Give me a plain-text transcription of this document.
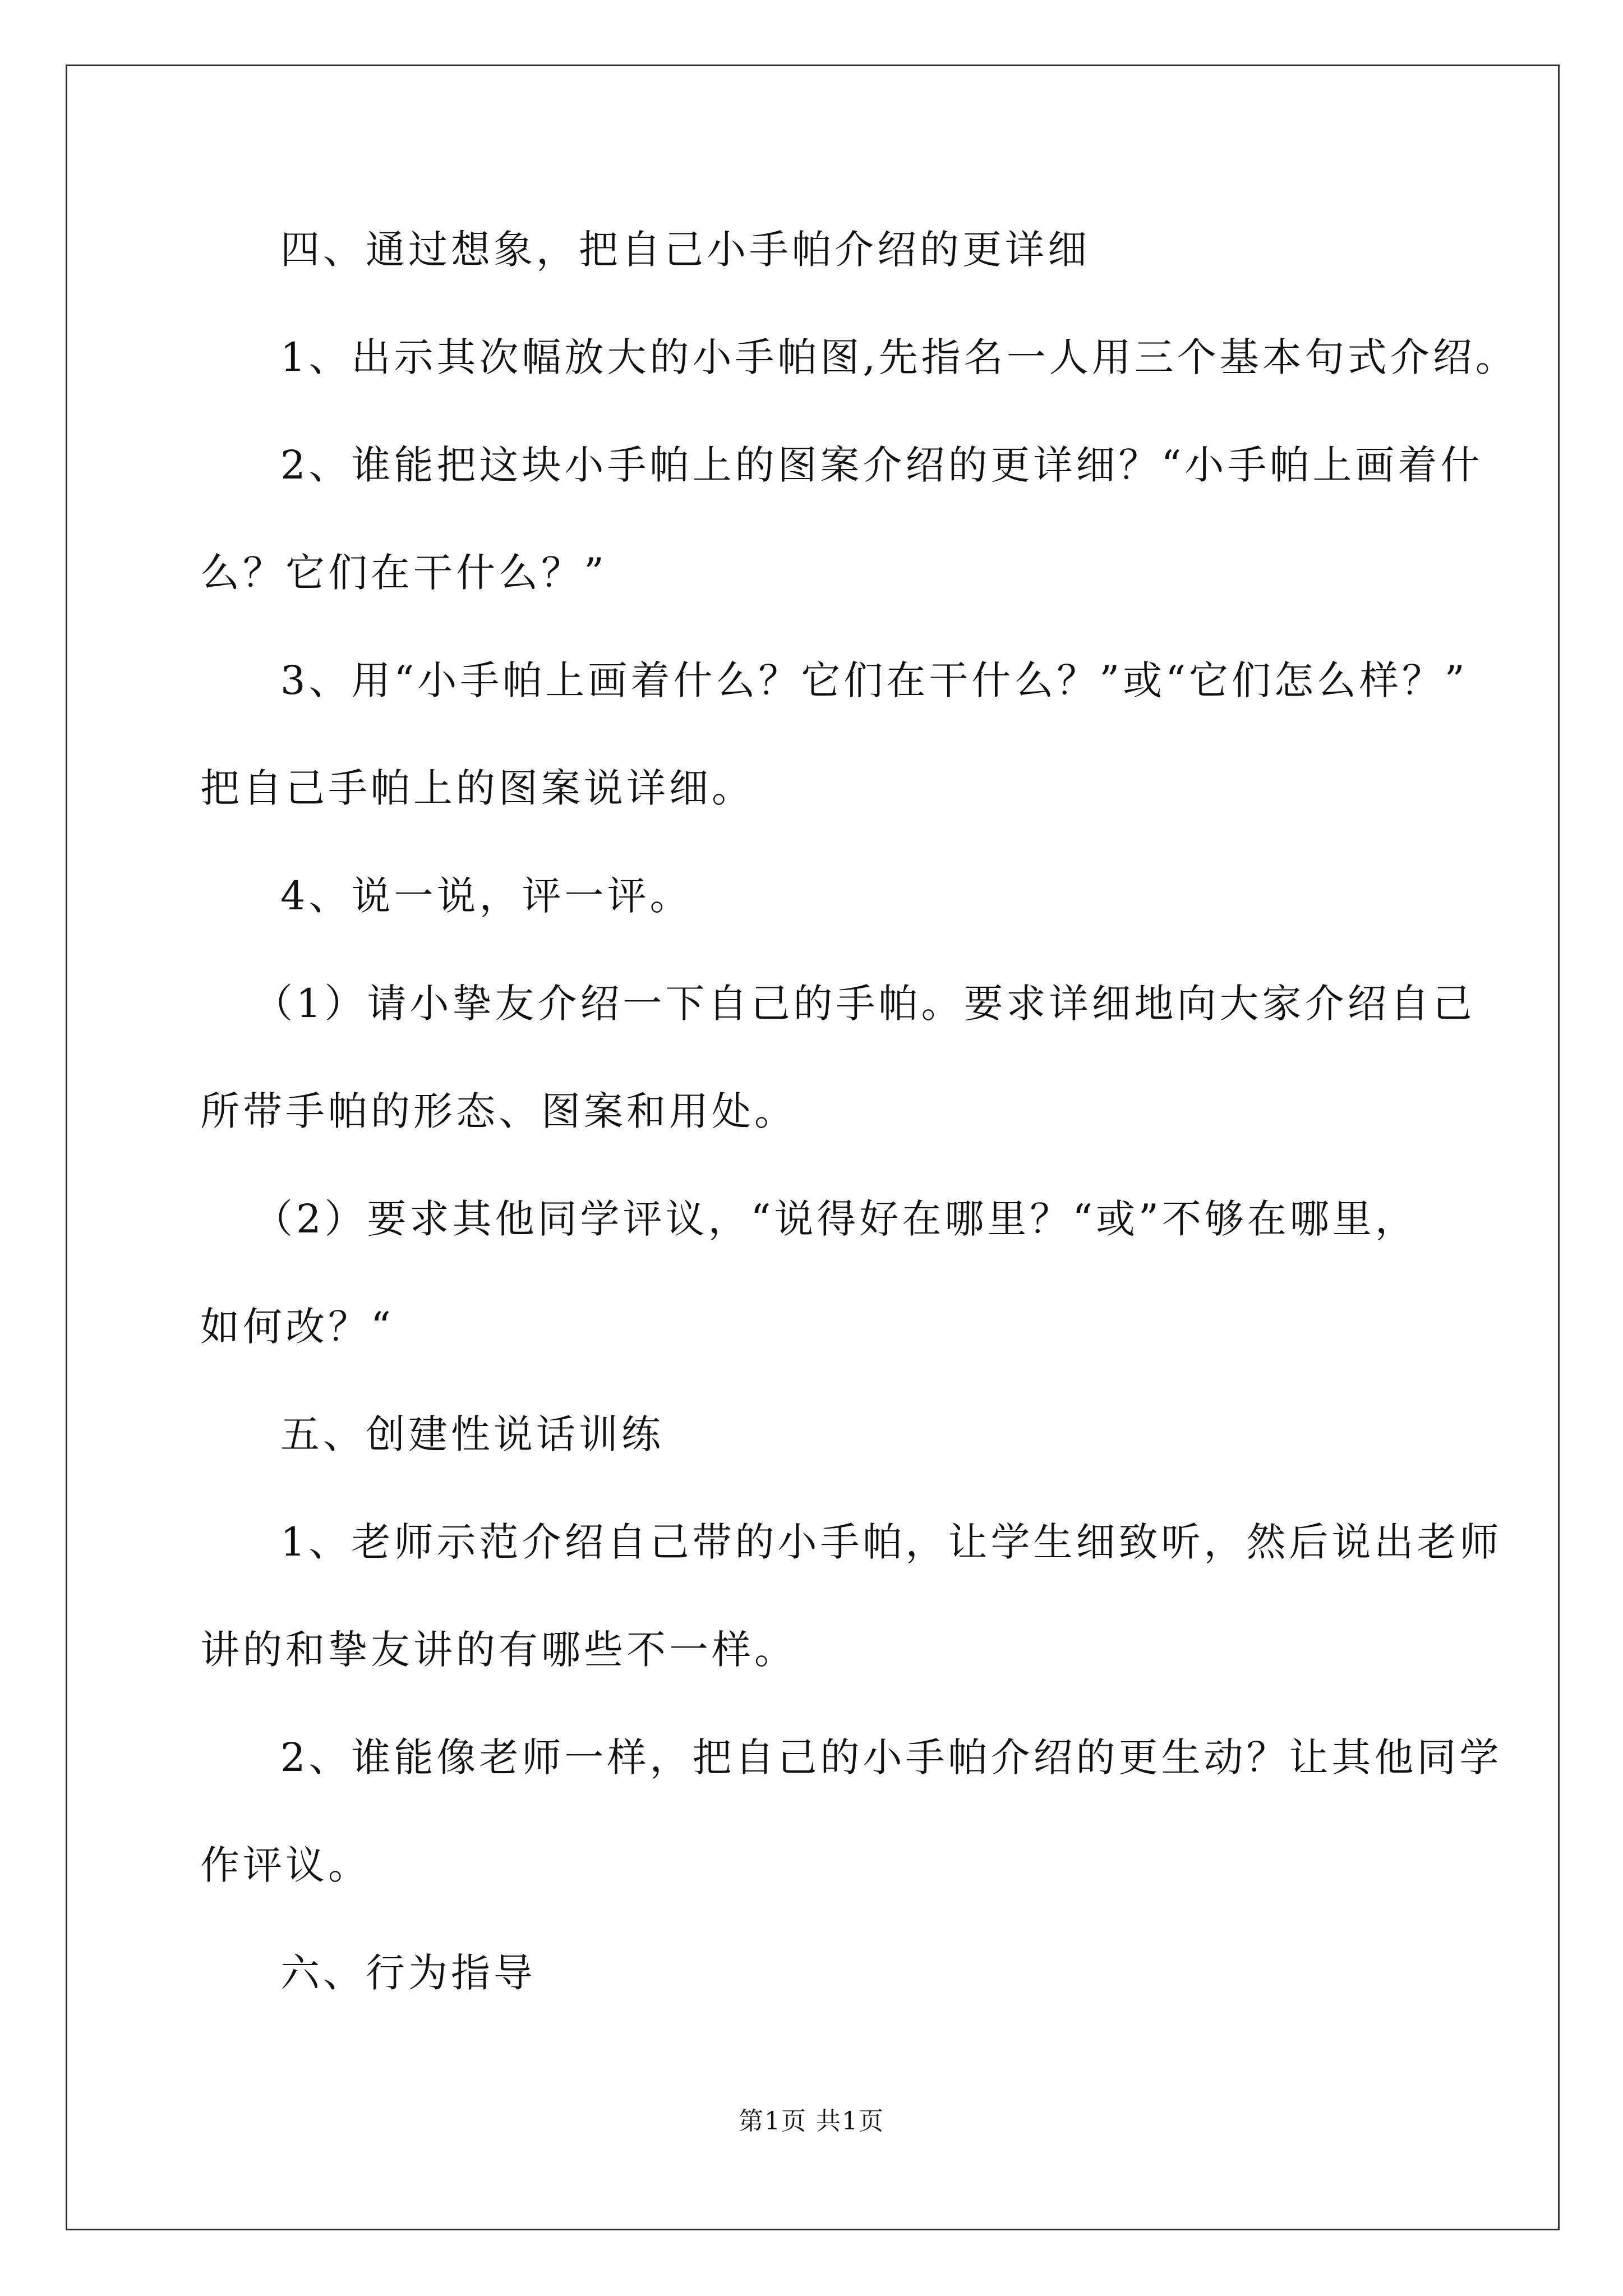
四、通过想象，把自己小手帕介绍的更详细

1、出示其次幅放大的小手帕图,先指名一人用三个基本句式介绍。

2、谁能把这块小手帕上的图案介绍的更详细？“小手帕上画着什

么？它们在干什么？”

3、用“小手帕上画着什么？它们在干什么？”或“它们怎么样？”

把自己手帕上的图案说详细。

4、说一说，评一评。

（1）请小挚友介绍一下自己的手帕。要求详细地向大家介绍自己

所带手帕的形态、图案和用处。

（2）要求其他同学评议，“说得好在哪里？“或”不够在哪里，

如何改？“

五、创建性说话训练

1、老师示范介绍自己带的小手帕，让学生细致听，然后说出老师

讲的和挚友讲的有哪些不一样。

2、谁能像老师一样，把自己的小手帕介绍的更生动？让其他同学

作评议。

六、行为指导

第1页 共1页
